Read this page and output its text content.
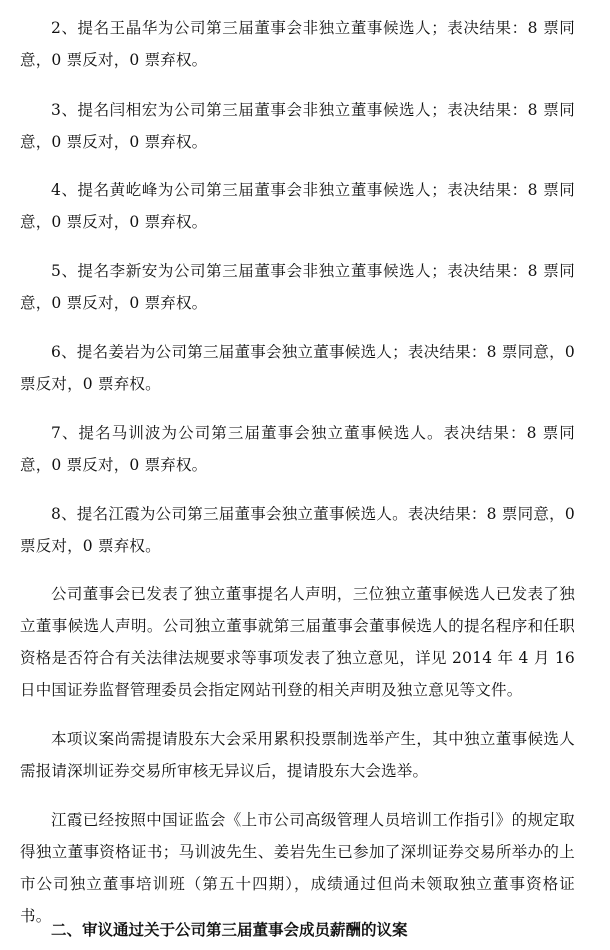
2、提名王晶华为公司第三届董事会非独立董事候选人；表决结果：8 票同意，0 票反对，0 票弃权。

3、提名闫相宏为公司第三届董事会非独立董事候选人；表决结果：8 票同意，0 票反对，0 票弃权。

4、提名黄屹峰为公司第三届董事会非独立董事候选人；表决结果：8 票同意，0 票反对，0 票弃权。

5、提名李新安为公司第三届董事会非独立董事候选人；表决结果：8 票同意，0 票反对，0 票弃权。

6、提名姜岩为公司第三届董事会独立董事候选人；表决结果：8 票同意，0 票反对，0 票弃权。

7、提名马训波为公司第三届董事会独立董事候选人。表决结果：8 票同意，0 票反对，0 票弃权。

8、提名江霞为公司第三届董事会独立董事候选人。表决结果：8 票同意，0 票反对，0 票弃权。

公司董事会已发表了独立董事提名人声明，三位独立董事候选人已发表了独立董事候选人声明。公司独立董事就第三届董事会董事候选人的提名程序和任职资格是否符合有关法律法规要求等事项发表了独立意见，详见 2014 年 4 月 16 日中国证券监督管理委员会指定网站刊登的相关声明及独立意见等文件。

本项议案尚需提请股东大会采用累积投票制选举产生，其中独立董事候选人需报请深圳证券交易所审核无异议后，提请股东大会选举。

江霞已经按照中国证监会《上市公司高级管理人员培训工作指引》的规定取得独立董事资格证书；马训波先生、姜岩先生已参加了深圳证券交易所举办的上市公司独立董事培训班（第五十四期），成绩通过但尚未领取独立董事资格证书。

二、审议通过关于公司第三届董事会成员薪酬的议案
